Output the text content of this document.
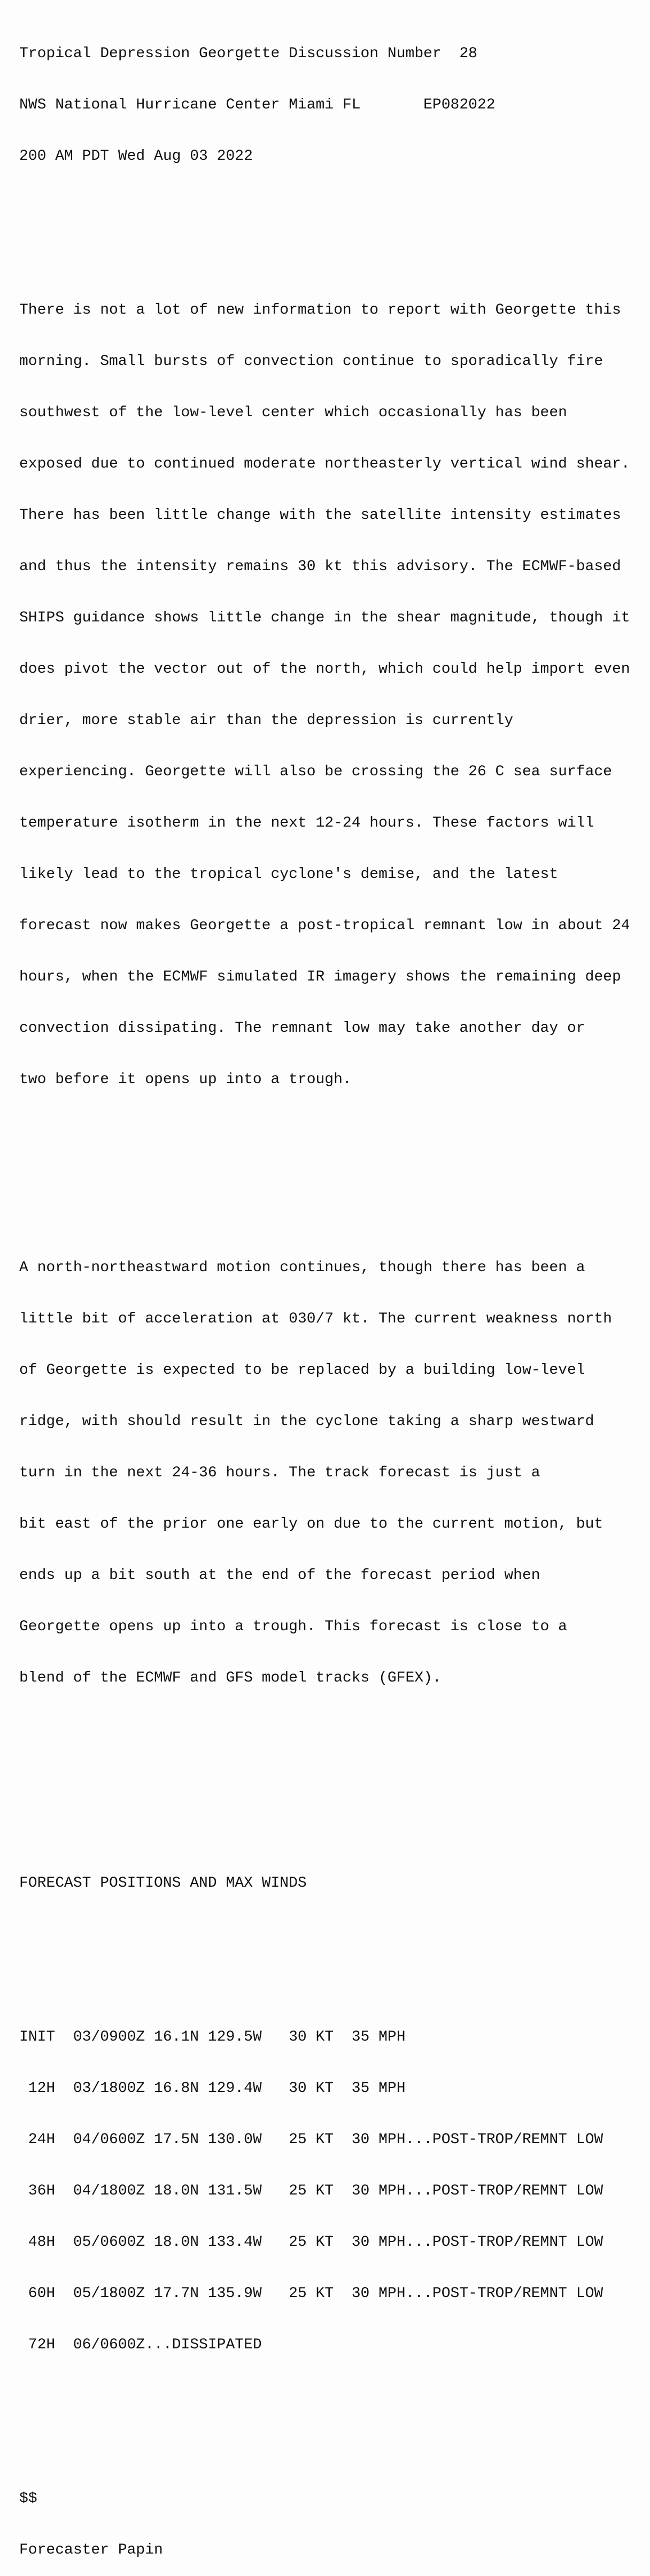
Tropical Depression Georgette Discussion Number  28

NWS National Hurricane Center Miami FL       EP082022

200 AM PDT Wed Aug 03 2022

There is not a lot of new information to report with Georgette this

morning. Small bursts of convection continue to sporadically fire

southwest of the low-level center which occasionally has been

exposed due to continued moderate northeasterly vertical wind shear.

There has been little change with the satellite intensity estimates

and thus the intensity remains 30 kt this advisory. The ECMWF-based

SHIPS guidance shows little change in the shear magnitude, though it

does pivot the vector out of the north, which could help import even

drier, more stable air than the depression is currently

experiencing. Georgette will also be crossing the 26 C sea surface

temperature isotherm in the next 12-24 hours. These factors will

likely lead to the tropical cyclone's demise, and the latest

forecast now makes Georgette a post-tropical remnant low in about 24

hours, when the ECMWF simulated IR imagery shows the remaining deep

convection dissipating. The remnant low may take another day or

two before it opens up into a trough.

A north-northeastward motion continues, though there has been a

little bit of acceleration at 030/7 kt. The current weakness north

of Georgette is expected to be replaced by a building low-level

ridge, with should result in the cyclone taking a sharp westward

turn in the next 24-36 hours. The track forecast is just a

bit east of the prior one early on due to the current motion, but

ends up a bit south at the end of the forecast period when

Georgette opens up into a trough. This forecast is close to a

blend of the ECMWF and GFS model tracks (GFEX).

FORECAST POSITIONS AND MAX WINDS

INIT  03/0900Z 16.1N 129.5W   30 KT  35 MPH

12H  03/1800Z 16.8N 129.4W   30 KT  35 MPH

24H  04/0600Z 17.5N 130.0W   25 KT  30 MPH...POST-TROP/REMNT LOW

36H  04/1800Z 18.0N 131.5W   25 KT  30 MPH...POST-TROP/REMNT LOW

48H  05/0600Z 18.0N 133.4W   25 KT  30 MPH...POST-TROP/REMNT LOW

60H  05/1800Z 17.7N 135.9W   25 KT  30 MPH...POST-TROP/REMNT LOW

72H  06/0600Z...DISSIPATED

$$

Forecaster Papin
